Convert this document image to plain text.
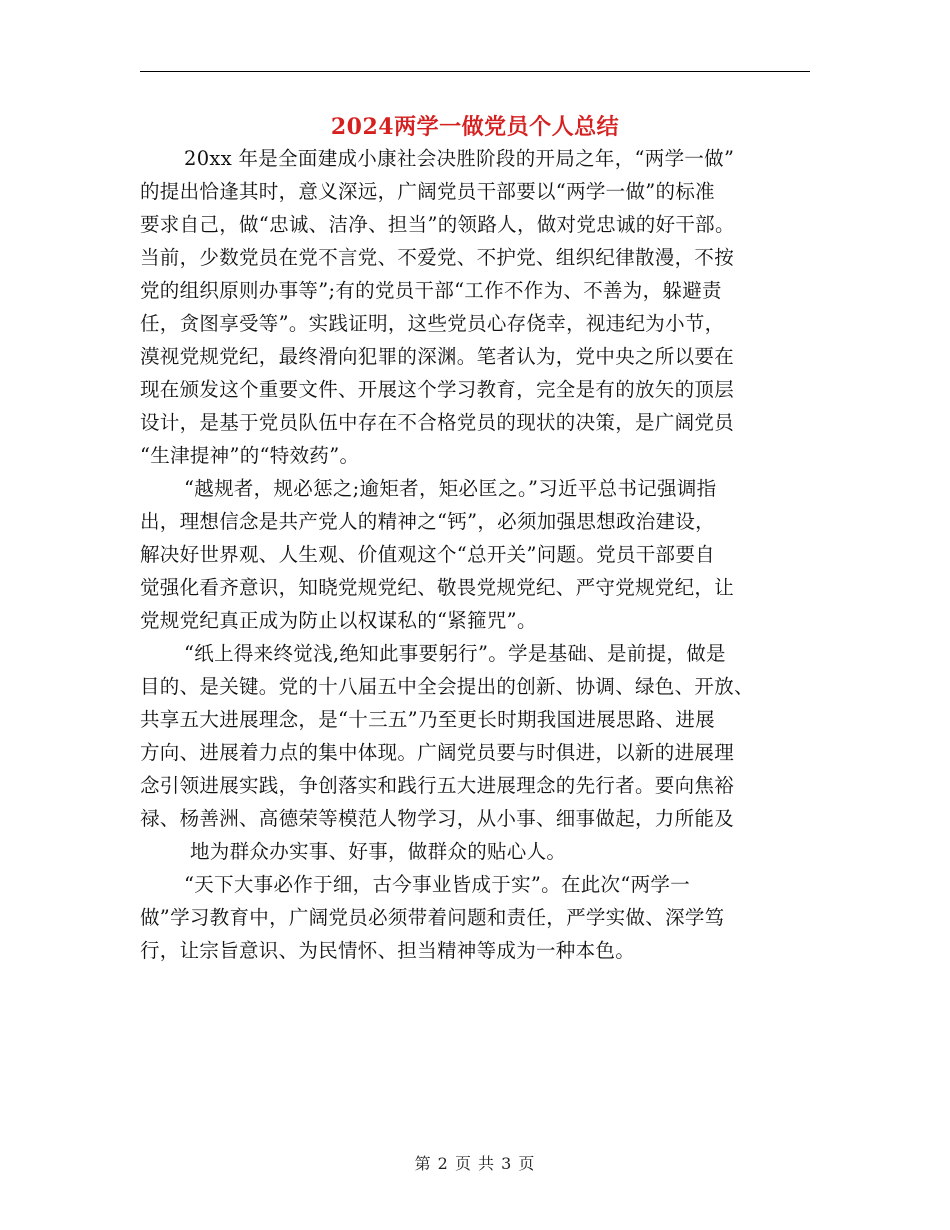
2024两学一做党员个人总结
20xx 年是全面建成小康社会决胜阶段的开局之年，“两学一做”
的提出恰逢其时，意义深远，广阔党员干部要以“两学一做”的标准
要求自己，做“忠诚、洁净、担当”的领路人，做对党忠诚的好干部。
当前，少数党员在党不言党、不爱党、不护党、组织纪律散漫，不按
党的组织原则办事等”;有的党员干部“工作不作为、不善为，躲避责
任，贪图享受等”。实践证明，这些党员心存侥幸，视违纪为小节，
漠视党规党纪，最终滑向犯罪的深渊。笔者认为，党中央之所以要在
现在颁发这个重要文件、开展这个学习教育，完全是有的放矢的顶层
设计，是基于党员队伍中存在不合格党员的现状的决策，是广阔党员
“生津提神”的“特效药”。
“越规者，规必惩之;逾矩者，矩必匡之。”习近平总书记强调指
出，理想信念是共产党人的精神之“钙”，必须加强思想政治建设，
解决好世界观、人生观、价值观这个“总开关”问题。党员干部要自
觉强化看齐意识，知晓党规党纪、敬畏党规党纪、严守党规党纪，让
党规党纪真正成为防止以权谋私的“紧箍咒”。
“纸上得来终觉浅,绝知此事要躬行”。学是基础、是前提，做是
目的、是关键。党的十八届五中全会提出的创新、协调、绿色、开放、
共享五大进展理念，是“十三五”乃至更长时期我国进展思路、进展
方向、进展着力点的集中体现。广阔党员要与时俱进，以新的进展理
念引领进展实践，争创落实和践行五大进展理念的先行者。要向焦裕
禄、杨善洲、高德荣等模范人物学习，从小事、细事做起，力所能及
地为群众办实事、好事，做群众的贴心人。
“天下大事必作于细，古今事业皆成于实”。在此次“两学一
做”学习教育中，广阔党员必须带着问题和责任，严学实做、深学笃
行，让宗旨意识、为民情怀、担当精神等成为一种本色。
第 2 页 共 3 页
